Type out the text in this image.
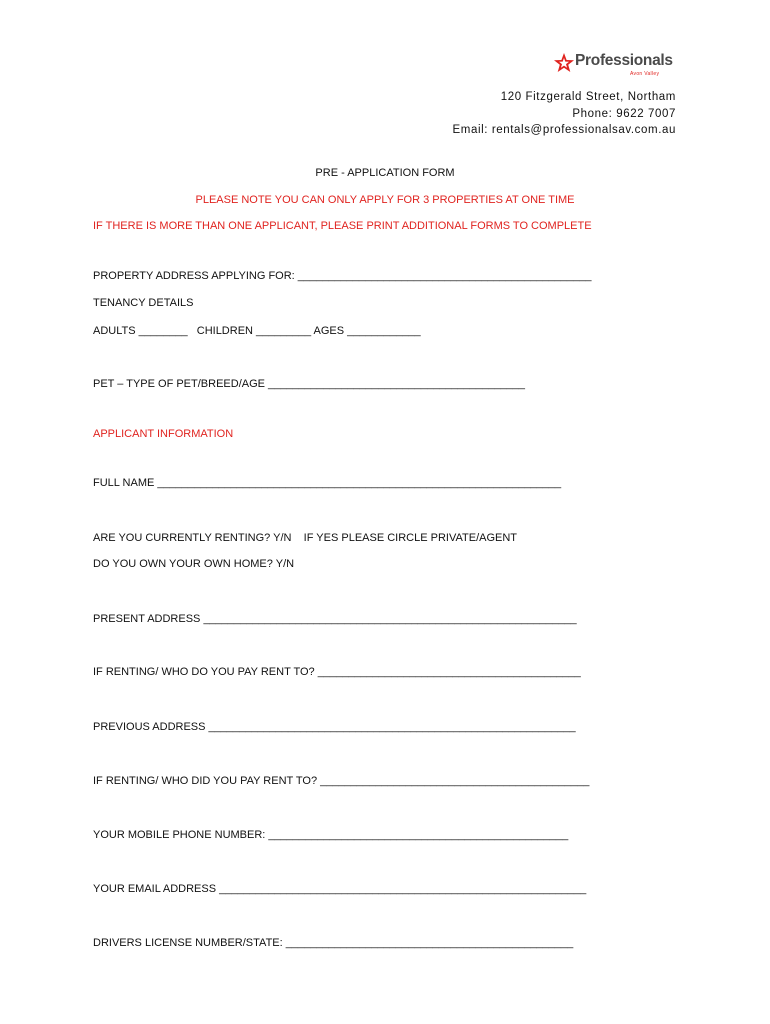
Professionals
Avon Valley
120 Fitzgerald Street, Northam
Phone: 9622 7007
Email: rentals@professionalsav.com.au
PRE - APPLICATION FORM
PLEASE NOTE YOU CAN ONLY APPLY FOR 3 PROPERTIES AT ONE TIME
IF THERE IS MORE THAN ONE APPLICANT, PLEASE PRINT ADDITIONAL FORMS TO COMPLETE
PROPERTY ADDRESS APPLYING FOR: ________________________________________________
TENANCY DETAILS
ADULTS ________   CHILDREN _________ AGES ____________
PET – TYPE OF PET/BREED/AGE __________________________________________
APPLICANT INFORMATION
FULL NAME __________________________________________________________________
ARE YOU CURRENTLY RENTING? Y/N    IF YES PLEASE CIRCLE PRIVATE/AGENT
DO YOU OWN YOUR OWN HOME? Y/N
PRESENT ADDRESS _____________________________________________________________
IF RENTING/ WHO DO YOU PAY RENT TO? ___________________________________________
PREVIOUS ADDRESS ____________________________________________________________
IF RENTING/ WHO DID YOU PAY RENT TO? ____________________________________________
YOUR MOBILE PHONE NUMBER: _________________________________________________
YOUR EMAIL ADDRESS ____________________________________________________________
DRIVERS LICENSE NUMBER/STATE: _______________________________________________
